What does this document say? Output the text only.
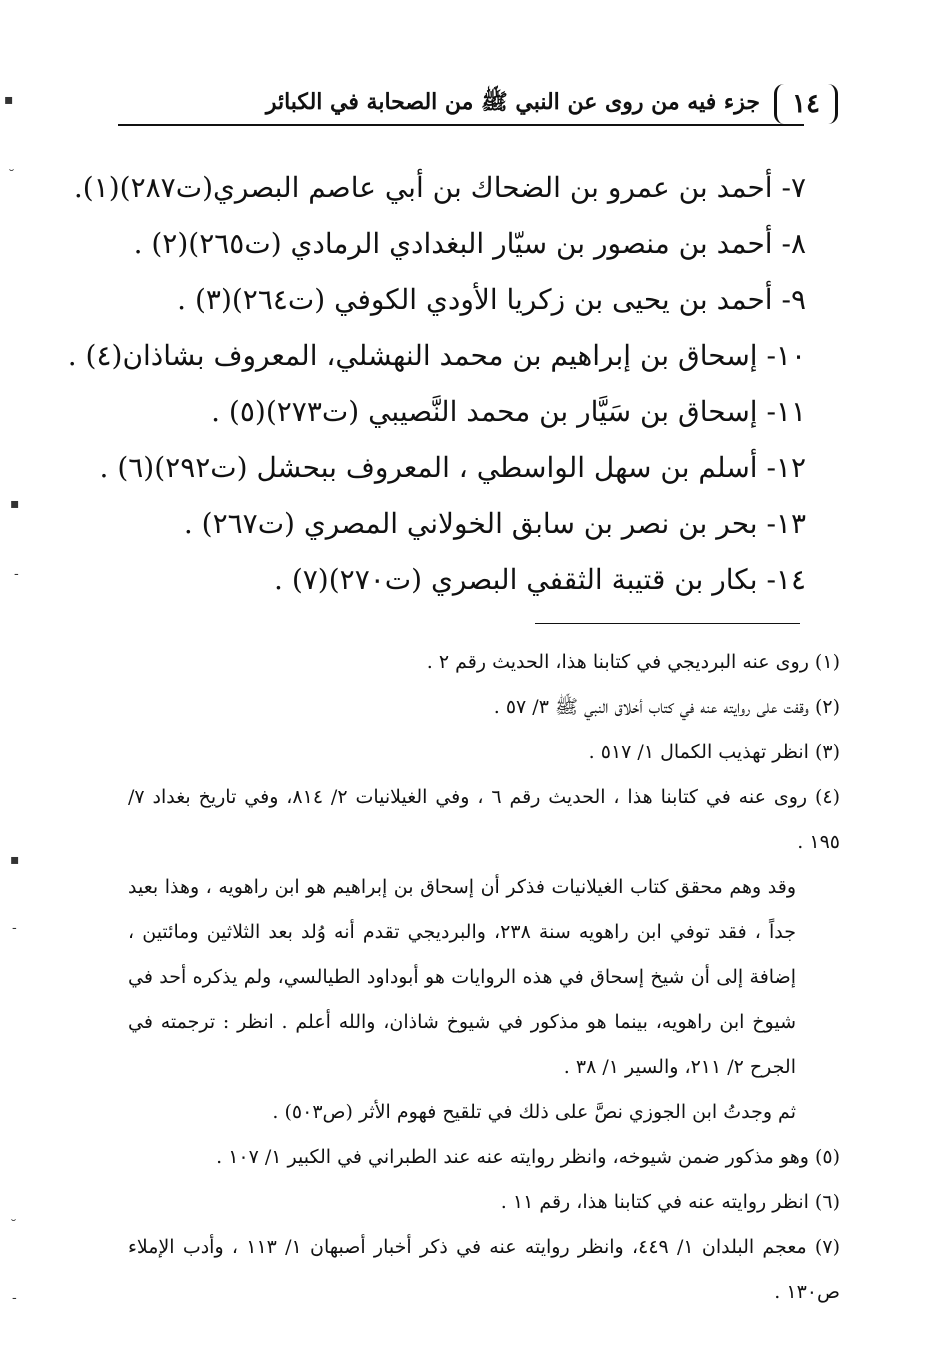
١٤
جزء فيه من روى عن النبي ﷺ من الصحابة في الكبائر
٧- أحمد بن عمرو بن الضحاك بن أبي عاصم البصري(ت٢٨٧)(١).
٨- أحمد بن منصور بن سيّار البغدادي الرمادي (ت٢٦٥)(٢) .
٩- أحمد بن يحيى بن زكريا الأودي الكوفي (ت٢٦٤)(٣) .
١٠- إسحاق بن إبراهيم بن محمد النهشلي، المعروف بشاذان(٤) .
١١- إسحاق بن سَيَّار بن محمد النَّصيبي (ت٢٧٣)(٥) .
١٢- أسلم بن سهل الواسطي ، المعروف ببحشل (ت٢٩٢)(٦) .
١٣- بحر بن نصر بن سابق الخولاني المصري (ت٢٦٧) .
١٤- بكار بن قتيبة الثقفي البصري (ت٢٧٠)(٧) .
(١) روى عنه البرديجي في كتابنا هذا، الحديث رقم ٢ .
(٢) وقفت على روايته عنه في كتاب أخلاق النبي ﷺ ٣/ ٥٧ .
(٣) انظر تهذيب الكمال ١/ ٥١٧ .
(٤) روى عنه في كتابنا هذا ، الحديث رقم ٦ ، وفي الغيلانيات ٢/ ٨١٤، وفي تاريخ بغداد ٧/ ١٩٥ .
وقد وهم محقق كتاب الغيلانيات فذكر أن إسحاق بن إبراهيم هو ابن راهويه ، وهذا بعيد جداً ، فقد توفي ابن راهويه سنة ٢٣٨، والبرديجي تقدم أنه وُلد بعد الثلاثين ومائتين ، إضافة إلى أن شيخ إسحاق في هذه الروايات هو أبوداود الطيالسي، ولم يذكره أحد في شيوخ ابن راهويه، بينما هو مذكور في شيوخ شاذان، والله أعلم . انظر : ترجمته في الجرح ٢/ ٢١١، والسير ١/ ٣٨ .
ثم وجدتُ ابن الجوزي نصَّ على ذلك في تلقيح فهوم الأثر (ص٥٠٣) .
(٥) وهو مذكور ضمن شيوخه، وانظر روايته عنه عند الطبراني في الكبير ١/ ١٠٧ .
(٦) انظر روايته عنه في كتابنا هذا، رقم ١١ .
(٧) معجم البلدان ١/ ٤٤٩، وانظر روايته عنه في ذكر أخبار أصبهان ١/ ١١٣ ، وأدب الإملاء ص١٣٠ .
▪
˘
▪
-
▪
-
˘
-
